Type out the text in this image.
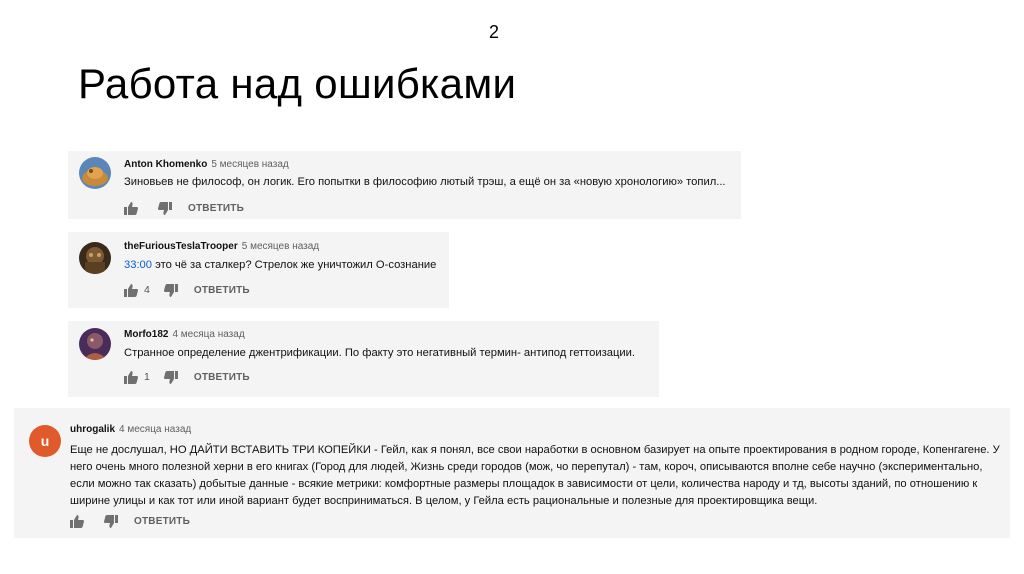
2
Работа над ошибками
Anton Khomenko 5 месяцев назад
Зиновьев не философ, он логик. Его попытки в философию лютый трэш, а ещё он за «новую хронологию» топил...
ОТВЕТИТЬ
theFuriousTeslaTrooper 5 месяцев назад
33:00 это чё за сталкер? Стрелок же уничтожил О-сознание
4	ОТВЕТИТЬ
Morfo182 4 месяца назад
Странное определение джентрификации. По факту это негативный термин- антипод геттоизации.
1	ОТВЕТИТЬ
u
uhrogalik 4 месяца назад
Еще не дослушал, НО ДАЙТИ ВСТАВИТЬ ТРИ КОПЕЙКИ - Гейл, как я понял, все свои наработки в основном базирует на опыте проектирования в родном городе, Копенгагене. У него очень много полезной херни в его книгах (Город для людей, Жизнь среди городов (мож, чо перепутал) - там, короч, описываются вполне себе научно (экспериментально, если можно так сказать) добытые данные - всякие метрики: комфортные размеры площадок в зависимости от цели, количества народу и тд, высоты зданий, по отношению к ширине улицы и как тот или иной вариант будет восприниматься. В целом, у Гейла есть рациональные и полезные для проектировщика вещи.
ОТВЕТИТЬ
